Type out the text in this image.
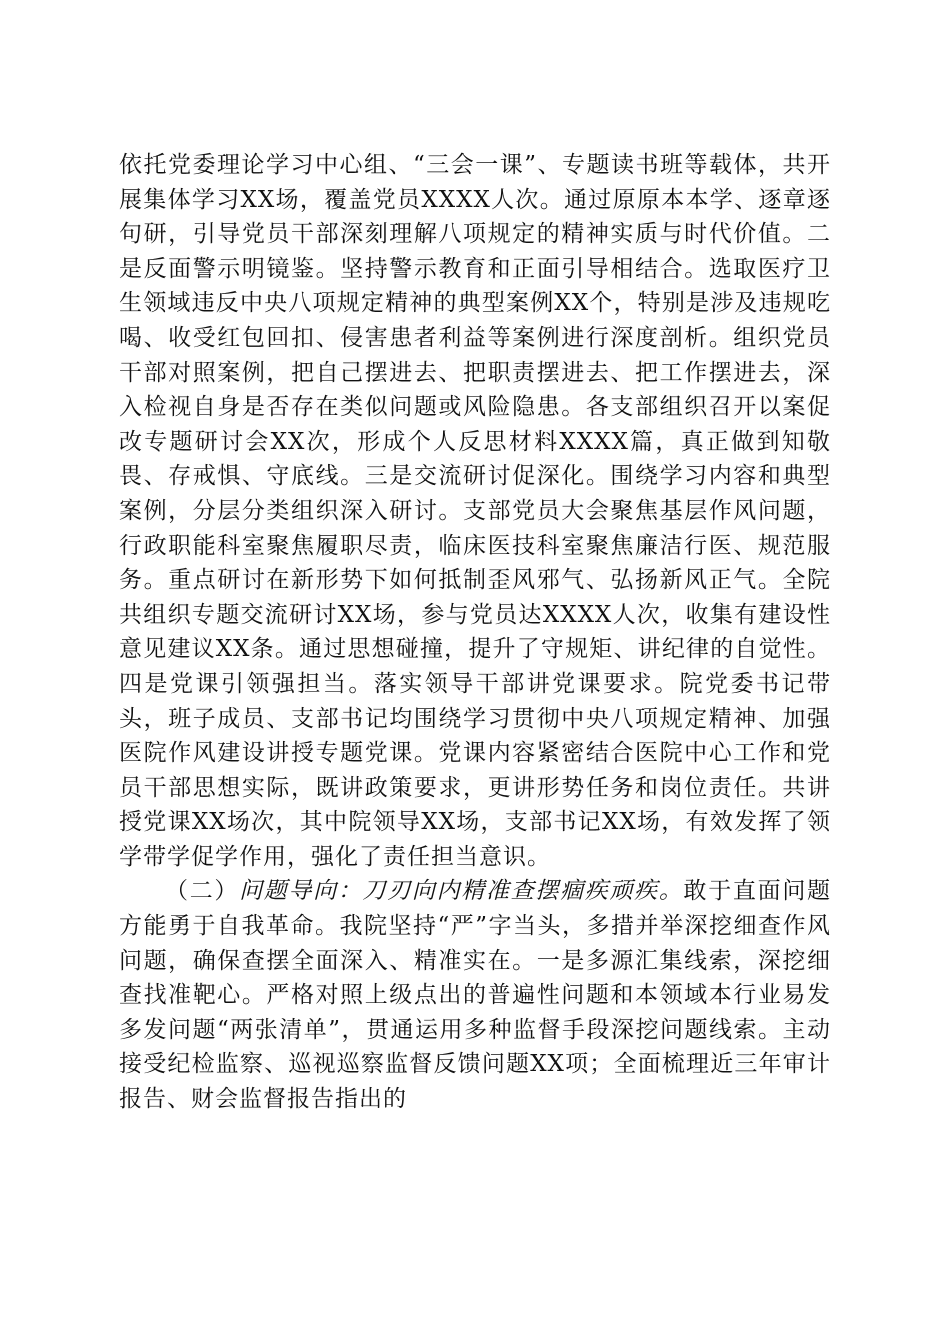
依托党委理论学习中心组、“三会一课”、专题读书班等载体，共开展集体学习XX场，覆盖党员XXXX人次。通过原原本本学、逐章逐句研，引导党员干部深刻理解八项规定的精神实质与时代价值。二是反面警示明镜鉴。坚持警示教育和正面引导相结合。选取医疗卫生领域违反中央八项规定精神的典型案例XX个，特别是涉及违规吃喝、收受红包回扣、侵害患者利益等案例进行深度剖析。组织党员干部对照案例，把自己摆进去、把职责摆进去、把工作摆进去，深入检视自身是否存在类似问题或风险隐患。各支部组织召开以案促改专题研讨会XX次，形成个人反思材料XXXX篇，真正做到知敬畏、存戒惧、守底线。三是交流研讨促深化。围绕学习内容和典型案例，分层分类组织深入研讨。支部党员大会聚焦基层作风问题，行政职能科室聚焦履职尽责，临床医技科室聚焦廉洁行医、规范服务。重点研讨在新形势下如何抵制歪风邪气、弘扬新风正气。全院共组织专题交流研讨XX场，参与党员达XXXX人次，收集有建设性意见建议XX条。通过思想碰撞，提升了守规矩、讲纪律的自觉性。四是党课引领强担当。落实领导干部讲党课要求。院党委书记带头，班子成员、支部书记均围绕学习贯彻中央八项规定精神、加强医院作风建设讲授专题党课。党课内容紧密结合医院中心工作和党员干部思想实际，既讲政策要求，更讲形势任务和岗位责任。共讲授党课XX场次，其中院领导XX场，支部书记XX场，有效发挥了领学带学促学作用，强化了责任担当意识。

（二）问题导向：刀刃向内精准查摆痼疾顽疾。敢于直面问题方能勇于自我革命。我院坚持“严”字当头，多措并举深挖细查作风问题，确保查摆全面深入、精准实在。一是多源汇集线索，深挖细查找准靶心。严格对照上级点出的普遍性问题和本领域本行业易发多发问题“两张清单”，贯通运用多种监督手段深挖问题线索。主动接受纪检监察、巡视巡察监督反馈问题XX项；全面梳理近三年审计报告、财会监督报告指出的
